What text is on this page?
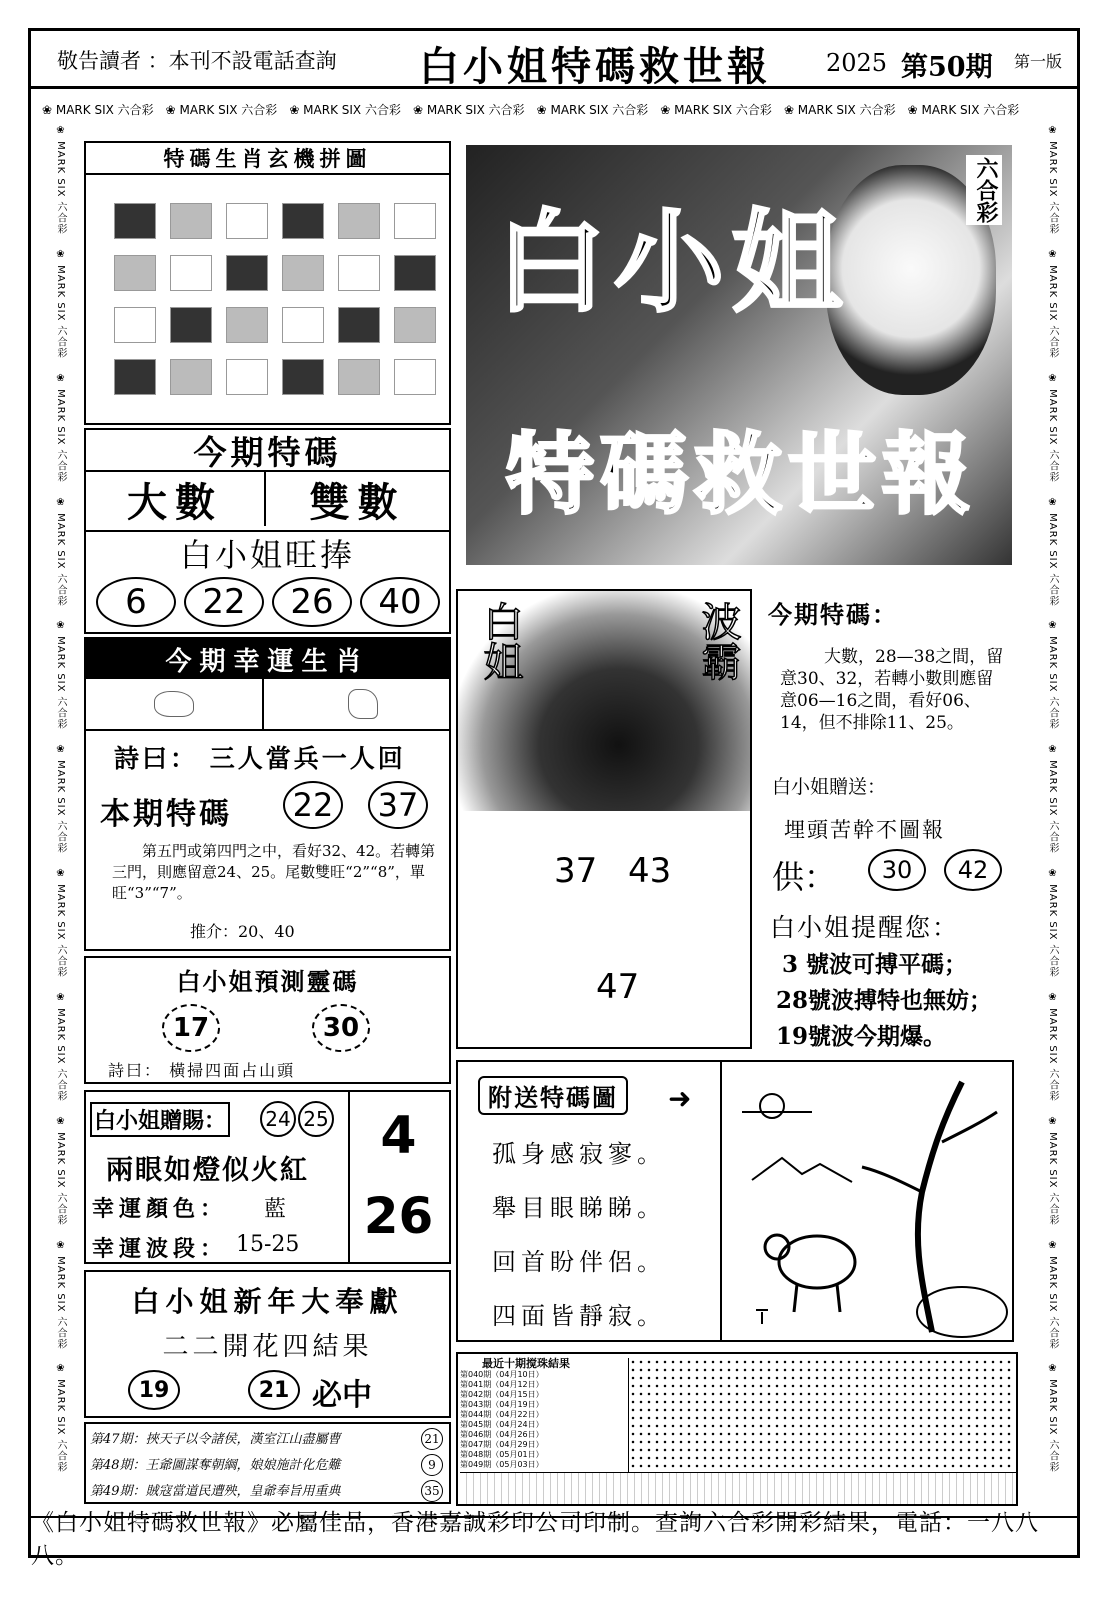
敬告讀者 ：本刊不設電話查詢 白小姐特碼救世報 2025 第50期 第一版
❀ MARK SIX 六合彩 ❀ MARK SIX 六合彩 ❀ MARK SIX 六合彩 ❀ MARK SIX 六合彩 ❀ MARK SIX 六合彩 ❀ MARK SIX 六合彩 ❀ MARK SIX 六合彩 ❀ MARK SIX 六合彩
❀ MARK SIX 六合彩 ❀ MARK SIX 六合彩 ❀ MARK SIX 六合彩 ❀ MARK SIX 六合彩 ❀ MARK SIX 六合彩 ❀ MARK SIX 六合彩 ❀ MARK SIX 六合彩 ❀ MARK SIX 六合彩 ❀ MARK SIX 六合彩 ❀ MARK SIX 六合彩 ❀ MARK SIX 六合彩
❀ MARK SIX 六合彩 ❀ MARK SIX 六合彩 ❀ MARK SIX 六合彩 ❀ MARK SIX 六合彩 ❀ MARK SIX 六合彩 ❀ MARK SIX 六合彩 ❀ MARK SIX 六合彩 ❀ MARK SIX 六合彩 ❀ MARK SIX 六合彩 ❀ MARK SIX 六合彩 ❀ MARK SIX 六合彩
特碼生肖玄機拼圖	六合彩
白小姐
特碼救世報
今期特碼
大數	雙數
白小姐旺捧
6	22	26	40
今期幸運生肖
詩曰： 三人當兵一人回
本期特碼	22	37
第五門或第四門之中，看好32、42。若轉第三門，則應留意24、25。尾數雙旺“2”“8”，單旺“3”“7”。
推介：20、40
白姐	波霸
37 43
47
今期特碼：
大數，28—38之間，留意30、32，若轉小數則應留意06—16之間，看好06、14，但不排除11、25。
白小姐贈送：
埋頭苦幹不圖報
供：	30	42
白小姐提醒您：
3 號波可搏平碼；
28號波搏特也無妨；
19號波今期爆。
白小姐預測靈碼
17	30
詩曰： 橫掃四面占山頭
白小姐贈賜： 24 25
兩眼如燈似火紅
幸運顏色： 藍
幸運波段： 15-25
4
26
白小姐新年大奉獻
二二開花四結果
19	21 必中
第47期：挾天子以令諸侯，漢室江山盡屬曹	21
第48期：王爺圖謀奪朝綱，娘娘施計化危難	9
第49期：賊寇當道民遭殃，皇爺奉旨用重典	35
附送特碼圖	➜
孤身感寂寥。
舉目眼睇睇。
回首盼伴侶。
四面皆靜寂。
最近十期搅珠結果
第040期（04月10日）
第041期（04月12日）
第042期（04月15日）
第043期（04月19日）
第044期（04月22日）
第045期（04月24日）
第046期（04月26日）
第047期（04月29日）
第048期（05月01日）
第049期（05月03日）
《白小姐特碼救世報》必屬佳品，香港嘉誠彩印公司印制。查詢六合彩開彩結果，電話：一八八八。
